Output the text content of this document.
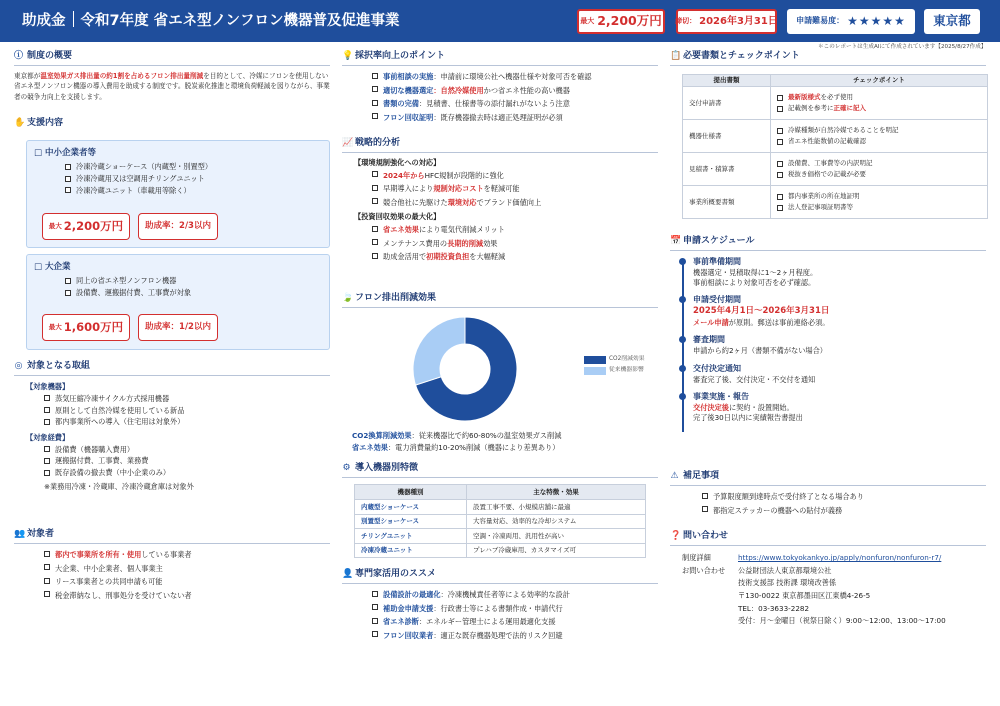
助成金 令和7年度 省エネ型ノンフロン機器普及促進事業	最大 2,200万円 締切： 2026年3月31日 申請難易度： ★★★★★	東京都
＊このレポートは生成AIにて作成されています【2025/8/27作成】
ⓘ 制度の概要
東京都が温室効果ガス排出量の約1割を占めるフロン排出量削減を目的として、冷媒にフロンを使用しない省エネ型ノンフロン機器の導入費用を助成する制度です。脱炭素化推進と環境負荷軽減を図りながら、事業者の競争力向上を支援します。
✋ 支援内容
□ 中小企業者等
冷凍冷蔵ショーケース（内蔵型・別置型）
冷凍冷蔵用又は空調用チリングユニット
冷凍冷蔵ユニット（車載用等除く）
最大 2,200万円	助成率：2/3以内
□ 大企業
同上の省エネ型ノンフロン機器
設備費、運搬据付費、工事費が対象
最大 1,600万円	助成率：1/2以内
◎ 対象となる取組
【対象機器】
蒸気圧縮冷凍サイクル方式採用機器
原則として自然冷媒を使用している新品
都内事業所への導入（住宅用は対象外）
【対象経費】
設備費（機器購入費用）
運搬据付費、工事費、業務費
既存設備の撤去費（中小企業のみ）
※業務用冷凍・冷蔵庫、冷凍冷蔵倉庫は対象外
👥 対象者
都内で事業所を所有・使用している事業者
大企業、中小企業者、個人事業主
リース事業者との共同申請も可能
税金滞納なし、刑事処分を受けていない者
💡 採択率向上のポイント
事前相談の実施：申請前に環境公社へ機器仕様や対象可否を確認
適切な機器選定：自然冷媒使用かつ省エネ性能の高い機器
書類の完備：見積書、仕様書等の添付漏れがないよう注意
フロン回収証明：既存機器撤去時は適正処理証明が必須
📈 戦略的分析
【環境規制強化への対応】
2024年からHFC規制が段階的に強化
早期導入により規制対応コストを軽減可能
競合他社に先駆けた環境対応でブランド価値向上
【投資回収効果の最大化】
省エネ効果により電気代削減メリット
メンテナンス費用の長期的削減効果
助成金活用で初期投資負担を大幅軽減
🍃 フロン排出削減効果
CO2削減効果
従来機器影響
CO2換算削減効果：従来機器比で約60-80%の温室効果ガス削減
省エネ効果：電力消費量約10-20%削減（機器により差異あり）
⚙ 導入機器別特徴
機器種別	主な特徴・効果
内蔵型ショーケース	設置工事不要、小規模店舗に最適
別置型ショーケース	大容量対応、効率的な冷却システム
チリングユニット	空調・冷凍両用、汎用性が高い
冷凍冷蔵ユニット	プレハブ冷蔵庫用、カスタマイズ可
👤 専門家活用のススメ
設備設計の最適化：冷凍機械責任者等による効率的な設計
補助金申請支援：行政書士等による書類作成・申請代行
省エネ診断：エネルギー管理士による運用最適化支援
フロン回収業者：適正な既存機器処理で法的リスク回避
📋 必要書類とチェックポイント
提出書類	チェックポイント
交付申請書	最新版様式を必ず使用
記載例を参考に正確に記入

機器仕様書	冷媒種類が自然冷媒であることを明記
省エネ性能数値の記載確認

見積書・積算書	設備費、工事費等の内訳明記
税抜き価格での記載が必要

事業所概要書類	都内事業所の所在地証明
法人登記事項証明書等
📅 申請スケジュール
事前準備期間
機器選定・見積取得に1〜2ヶ月程度。
事前相談により対象可否を必ず確認。
申請受付期間
2025年4月1日〜2026年3月31日
メール申請が原則。郵送は事前連絡必須。
審査期間
申請から約2ヶ月（書類不備がない場合）
交付決定通知
審査完了後、交付決定・不交付を通知
事業実施・報告
交付決定後に契約・設置開始。
完了後30日以内に実績報告書提出
⚠ 補足事項
予算限度額到達時点で受付終了となる場合あり
都指定ステッカーの機器への貼付が義務
❓ 問い合わせ
制度詳細	https://www.tokyokankyo.jp/apply/nonfuron/nonfuron-r7/
お問い合わせ	公益財団法人東京都環境公社
技術支援部 技術課 環境改善係
〒130-0022 東京都墨田区江東橋4-26-5
TEL：03-3633-2282
受付：月〜金曜日（祝祭日除く）9:00〜12:00、13:00〜17:00
